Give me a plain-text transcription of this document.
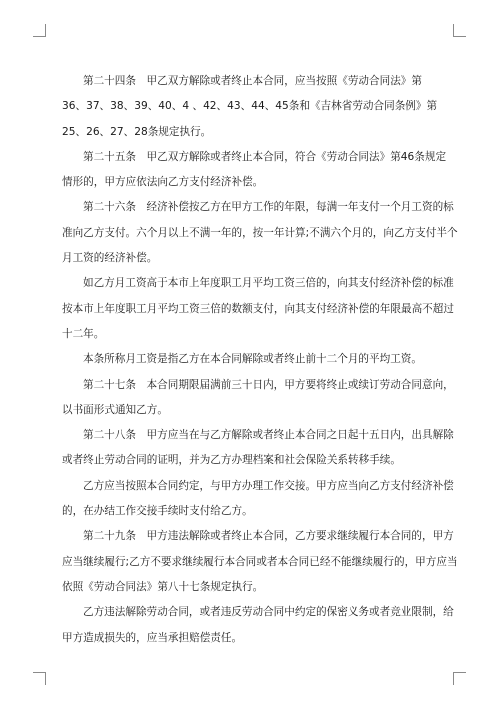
第二十四条　甲乙双方解除或者终止本合同，应当按照《劳动合同法》第
36、37、38、39、40、4 、42、43、44、45条和《吉林省劳动合同条例》第
25、26、27、28条规定执行。
第二十五条　甲乙双方解除或者终止本合同，符合《劳动合同法》第46条规定
情形的，甲方应依法向乙方支付经济补偿。
第二十六条　经济补偿按乙方在甲方工作的年限，每满一年支付一个月工资的标
准向乙方支付。六个月以上不满一年的，按一年计算;不满六个月的，向乙方支付半个
月工资的经济补偿。
如乙方月工资高于本市上年度职工月平均工资三倍的，向其支付经济补偿的标准
按本市上年度职工月平均工资三倍的数额支付，向其支付经济补偿的年限最高不超过
十二年。
本条所称月工资是指乙方在本合同解除或者终止前十二个月的平均工资。
第二十七条　本合同期限届满前三十日内，甲方要将终止或续订劳动合同意向，
以书面形式通知乙方。
第二十八条　甲方应当在与乙方解除或者终止本合同之日起十五日内，出具解除
或者终止劳动合同的证明，并为乙方办理档案和社会保险关系转移手续。
乙方应当按照本合同约定，与甲方办理工作交接。甲方应当向乙方支付经济补偿
的，在办结工作交接手续时支付给乙方。
第二十九条　甲方违法解除或者终止本合同，乙方要求继续履行本合同的，甲方
应当继续履行;乙方不要求继续履行本合同或者本合同已经不能继续履行的，甲方应当
依照《劳动合同法》第八十七条规定执行。
乙方违法解除劳动合同，或者违反劳动合同中约定的保密义务或者竞业限制，给
甲方造成损失的，应当承担赔偿责任。
